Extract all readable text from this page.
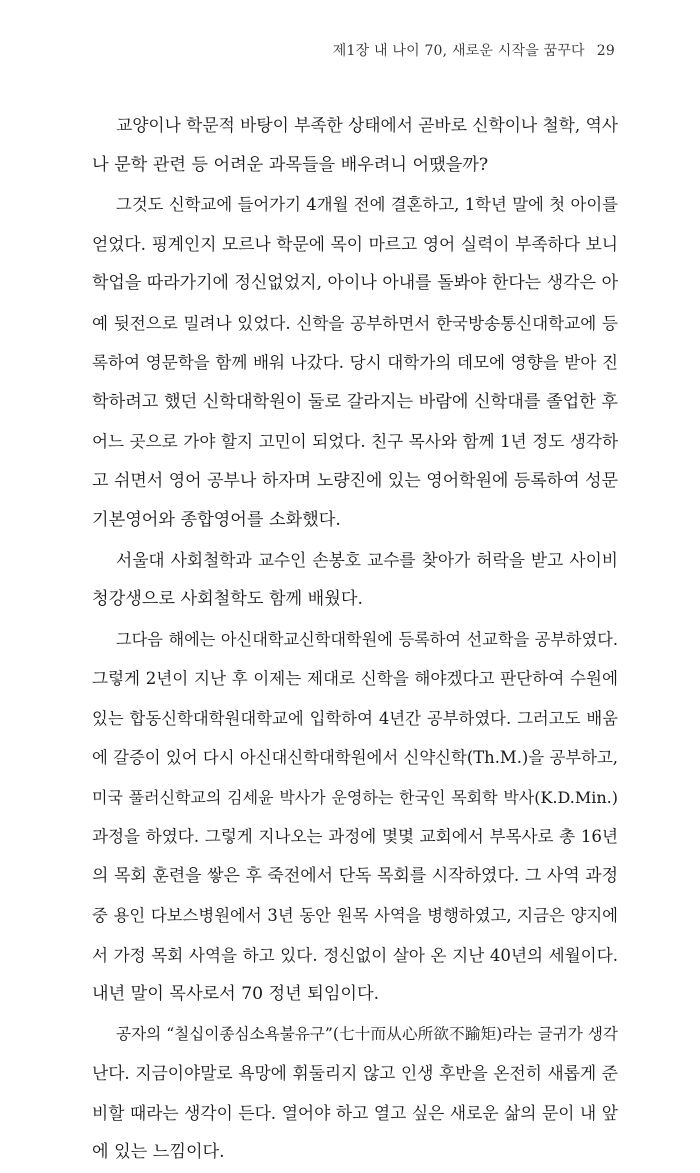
제1장 내 나이 70, 새로운 시작을 꿈꾸다 29
교양이나 학문적 바탕이 부족한 상태에서 곧바로 신학이나 철학, 역사
나 문학 관련 등 어려운 과목들을 배우려니 어땠을까?
그것도 신학교에 들어가기 4개월 전에 결혼하고, 1학년 말에 첫 아이를
얻었다. 핑계인지 모르나 학문에 목이 마르고 영어 실력이 부족하다 보니
학업을 따라가기에 정신없었지, 아이나 아내를 돌봐야 한다는 생각은 아
예 뒷전으로 밀려나 있었다. 신학을 공부하면서 한국방송통신대학교에 등
록하여 영문학을 함께 배워 나갔다. 당시 대학가의 데모에 영향을 받아 진
학하려고 했던 신학대학원이 둘로 갈라지는 바람에 신학대를 졸업한 후
어느 곳으로 가야 할지 고민이 되었다. 친구 목사와 함께 1년 정도 생각하
고 쉬면서 영어 공부나 하자며 노량진에 있는 영어학원에 등록하여 성문
기본영어와 종합영어를 소화했다.
서울대 사회철학과 교수인 손봉호 교수를 찾아가 허락을 받고 사이비
청강생으로 사회철학도 함께 배웠다.
그다음 해에는 아신대학교신학대학원에 등록하여 선교학을 공부하였다.
그렇게 2년이 지난 후 이제는 제대로 신학을 해야겠다고 판단하여 수원에
있는 합동신학대학원대학교에 입학하여 4년간 공부하였다. 그러고도 배움
에 갈증이 있어 다시 아신대신학대학원에서 신약신학(Th.M.)을 공부하고,
미국 풀러신학교의 김세윤 박사가 운영하는 한국인 목회학 박사(K.D.Min.)
과정을 하였다. 그렇게 지나오는 과정에 몇몇 교회에서 부목사로 총 16년
의 목회 훈련을 쌓은 후 죽전에서 단독 목회를 시작하였다. 그 사역 과정
중 용인 다보스병원에서 3년 동안 원목 사역을 병행하였고, 지금은 양지에
서 가정 목회 사역을 하고 있다. 정신없이 살아 온 지난 40년의 세월이다.
내년 말이 목사로서 70 정년 퇴임이다.
공자의 “칠십이종심소욕불유구”(七十而从心所欲不踰矩)라는 글귀가 생각
난다. 지금이야말로 욕망에 휘둘리지 않고 인생 후반을 온전히 새롭게 준
비할 때라는 생각이 든다. 열어야 하고 열고 싶은 새로운 삶의 문이 내 앞
에 있는 느낌이다.
